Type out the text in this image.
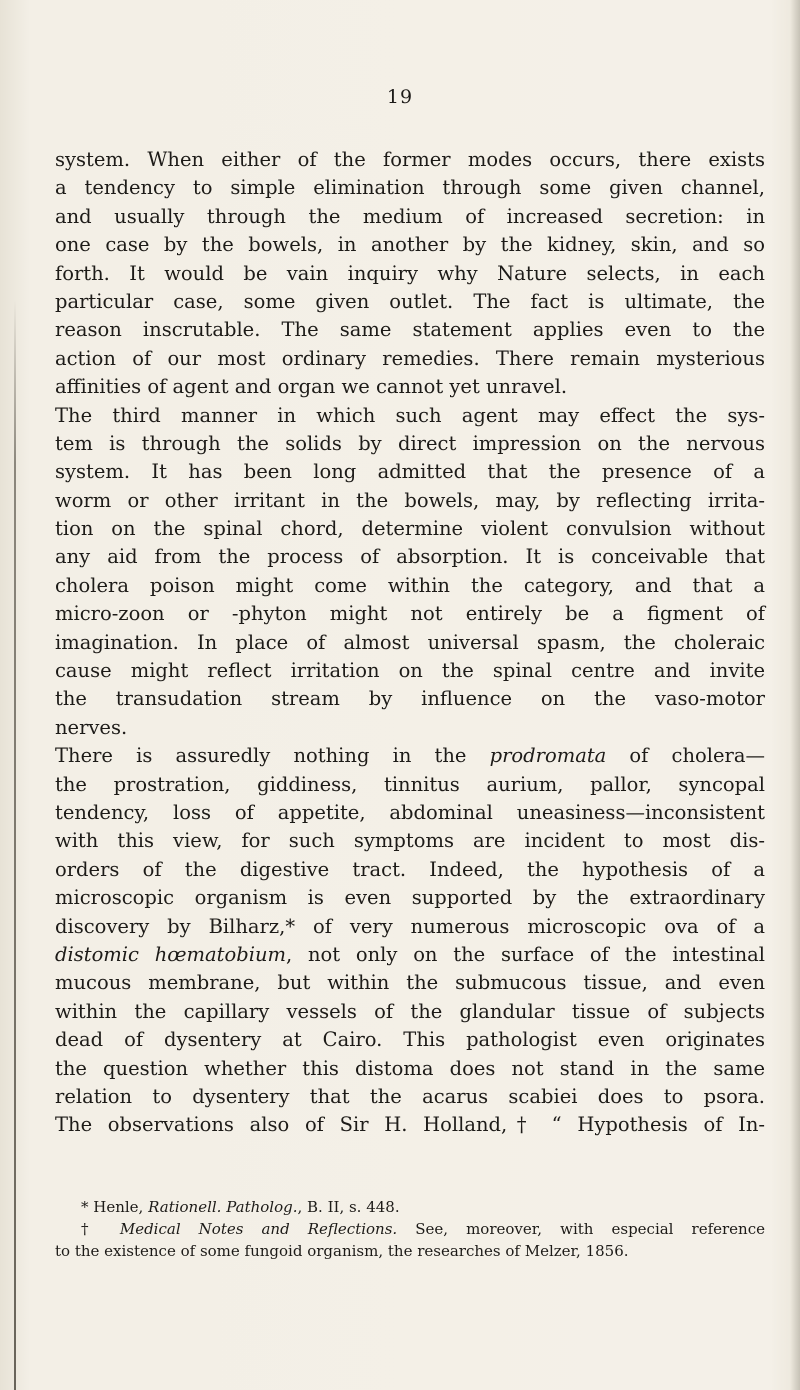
19
system. When either of the former modes occurs, there exists
a tendency to simple elimination through some given channel,
and usually through the medium of increased secretion: in
one case by the bowels, in another by the kidney, skin, and so
forth. It would be vain inquiry why Nature selects, in each
particular case, some given outlet. The fact is ultimate, the
reason inscrutable. The same statement applies even to the
action of our most ordinary remedies. There remain mysterious
affinities of agent and organ we cannot yet unravel.
The third manner in which such agent may effect the sys-
tem is through the solids by direct impression on the nervous
system. It has been long admitted that the presence of a
worm or other irritant in the bowels, may, by reflecting irrita-
tion on the spinal chord, determine violent convulsion without
any aid from the process of absorption. It is conceivable that
cholera poison might come within the category, and that a
micro-zoon or -phyton might not entirely be a figment of
imagination. In place of almost universal spasm, the choleraic
cause might reflect irritation on the spinal centre and invite
the transudation stream by influence on the vaso-motor
nerves.
There is assuredly nothing in the prodromata of cholera—
the prostration, giddiness, tinnitus aurium, pallor, syncopal
tendency, loss of appetite, abdominal uneasiness—inconsistent
with this view, for such symptoms are incident to most dis-
orders of the digestive tract. Indeed, the hypothesis of a
microscopic organism is even supported by the extraordinary
discovery by Bilharz,* of very numerous microscopic ova of a
distomic hœmatobium, not only on the surface of the intestinal
mucous membrane, but within the submucous tissue, and even
within the capillary vessels of the glandular tissue of subjects
dead of dysentery at Cairo. This pathologist even originates
the question whether this distoma does not stand in the same
relation to dysentery that the acarus scabiei does to psora.
The observations also of Sir H. Holland,† “ Hypothesis of In-
* Henle, Rationell. Patholog., B. II, s. 448.
† Medical Notes and Reflections. See, moreover, with especial reference
to the existence of some fungoid organism, the researches of Melzer, 1856.
